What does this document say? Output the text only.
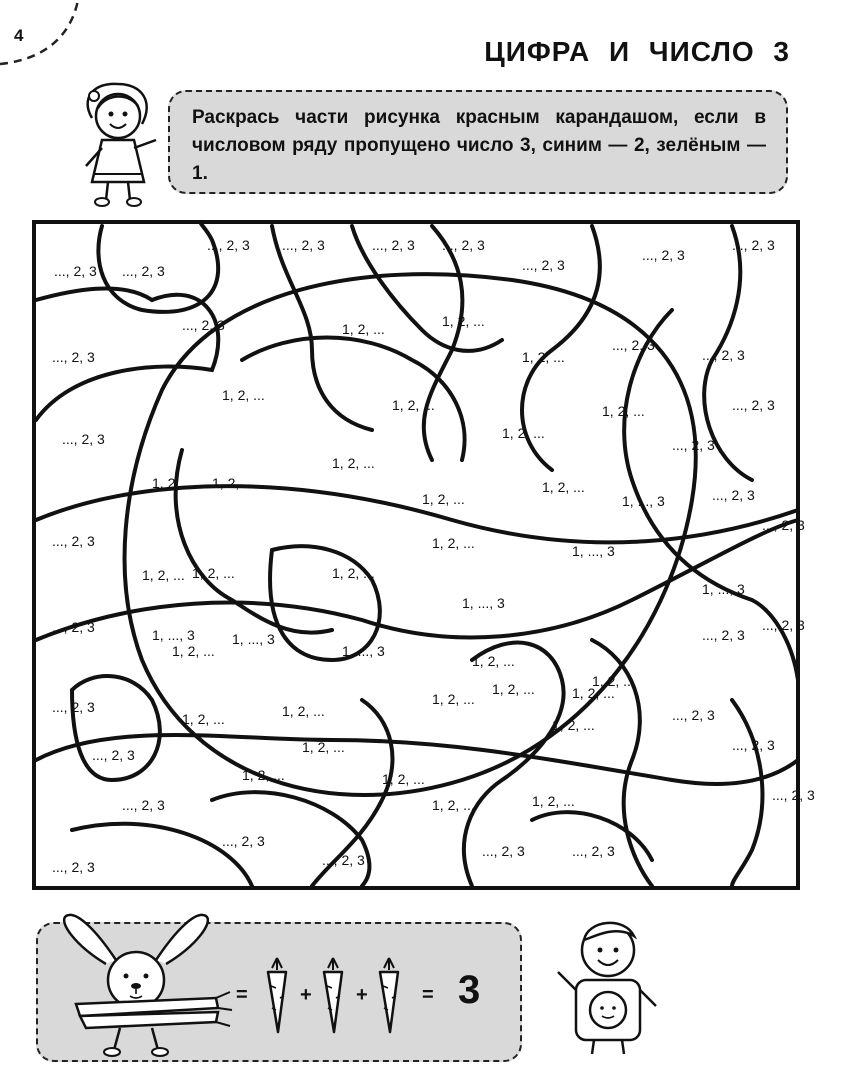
4
ЦИФРА И ЧИСЛО 3

Раскрась части рисунка красным карандашом, если в числовом ряду пропущено число 3, синим — 2, зелёным — 1.

..., 2, 3 ..., 2, 3
..., 2, 3 ..., 2, 3	..., 2, 3 ..., 2, 3
..., 2, 3
..., 2, 3
..., 2, 3
..., 2, 3
..., 2, 3
..., 2, 3
..., 2, 3
..., 2, 3
..., 2, 3
..., 2, 3
..., 2, 3
..., 2, 3
..., 2, 3
..., 2, 3	..., 2, 3
..., 2, 3
..., 2, 3	..., 2, 3
..., 2, 3
..., 2, 3
..., 2, 3
..., 2, 3
..., 2, 3
..., 2, 3	..., 2, 3
..., 2, 3	..., 2, 3
1, 2, ...	1, 2, ...
1, 2, ...
1, 2, ...
1, 2, ...
1, 2, ...
1, 2, ...
1, 2, ...
1, 2, ...
1, 2, ...
1, 2, ...
1, 2, ...
1, 2, ...
1, 2, ...	1, 2, ...
1, 2, ...
1, 2, ...	1, 2, ...
1, 2, ...
1, 2, ...	1, 2, ...
1, 2, ...
1, 2, ...	1, 2, ...
1, 2, ...
1, 2, ...
1, 2, ...	1, 2, ...
1, 2, ...
1, 2, ...
1, ..., 3
1, ..., 3
1, ..., 3
1, ..., 3
1, ..., 3
1, ..., 3
1, ..., 3
=	+ +	= 3
